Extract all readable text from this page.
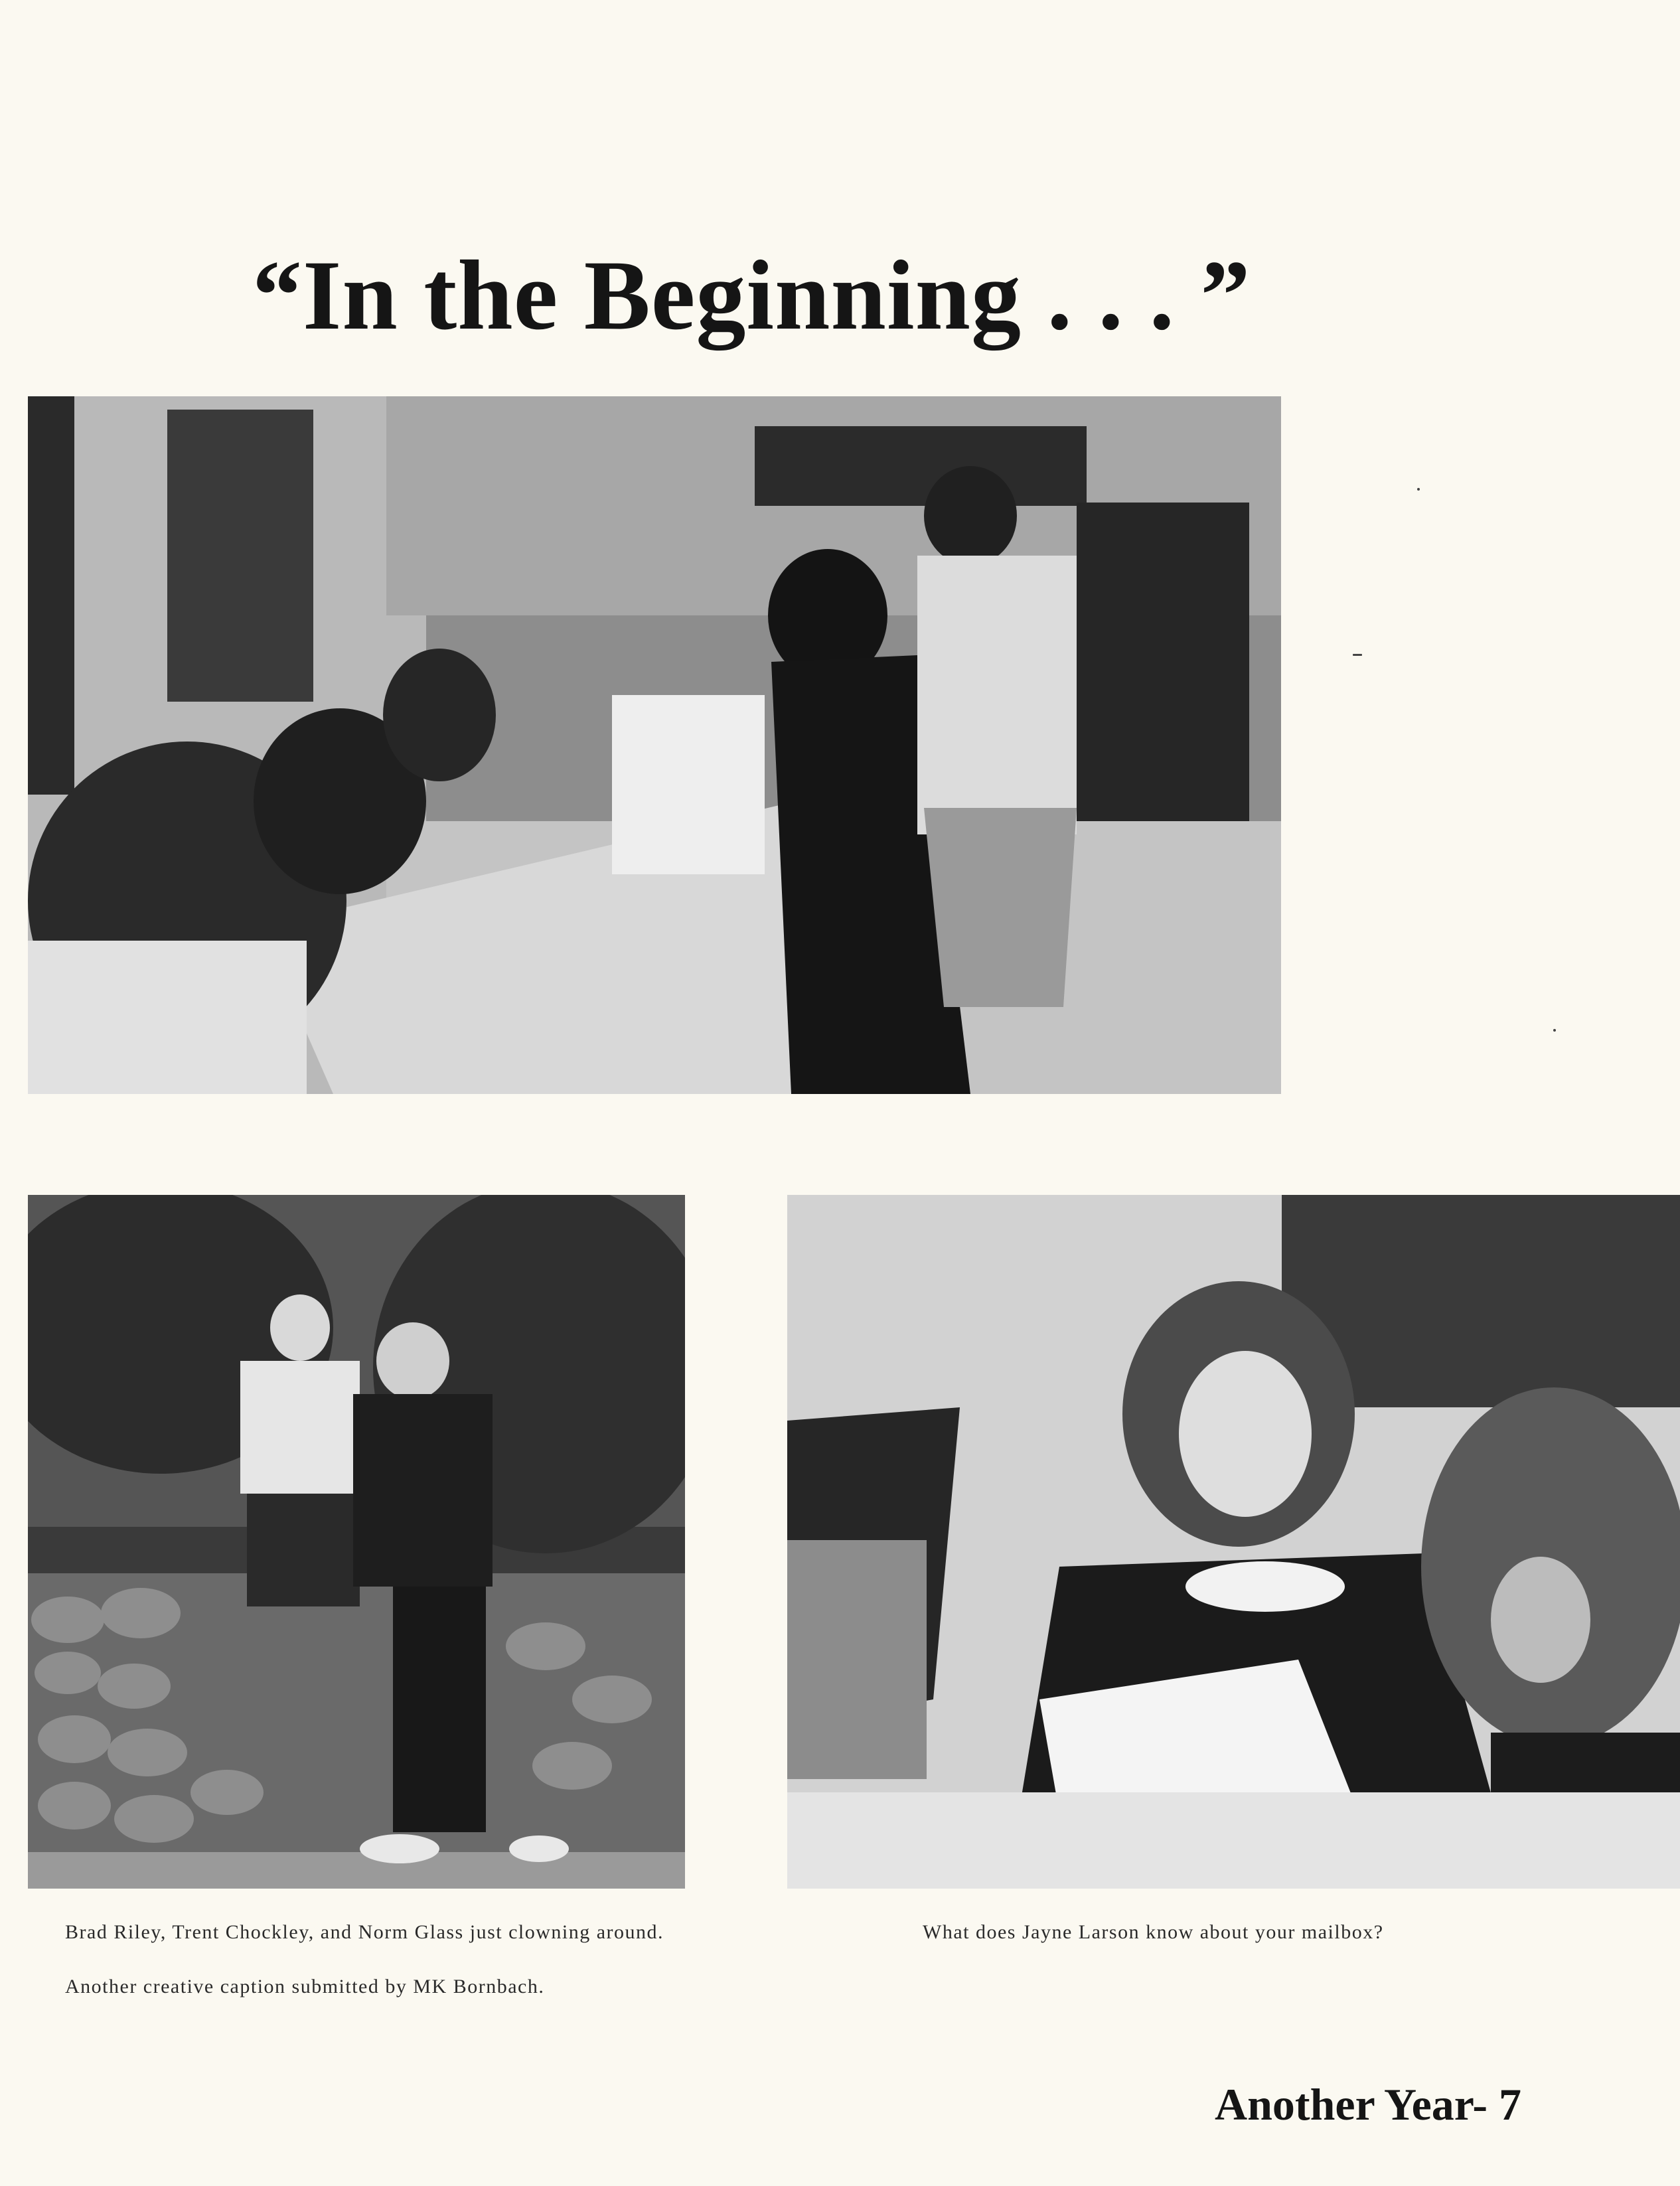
“In the Beginning . . . ”
Brad Riley, Trent Chockley, and Norm Glass just clowning around.
Another creative caption submitted by MK Bornbach.
What does Jayne Larson know about your mailbox?
Another Year- 7
